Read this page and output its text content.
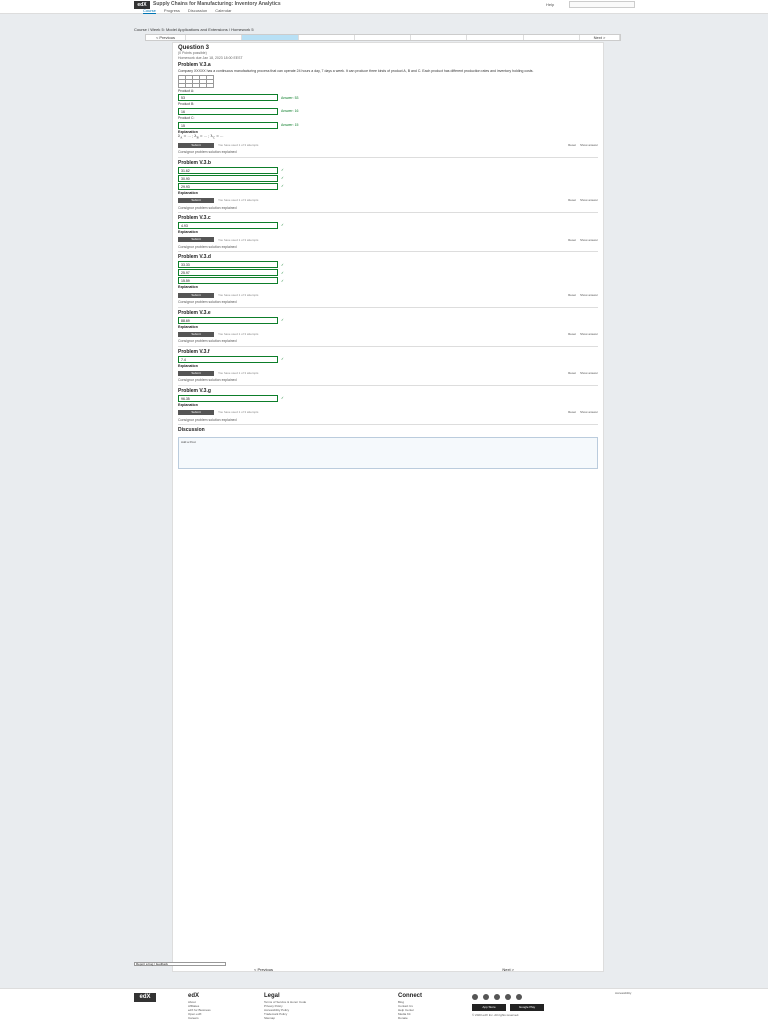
edX	Supply Chains for Manufacturing: Inventory Analytics
Course Progress Discussion Calendar
Help
Course / Week 5: Model Applications and Extensions / Homework 5
< Previous	Next >
Question 3
(0 Points possible)
Homework due Jan 18, 2023 18:00 EEST
Problem V.3.a
Company XXXXX has a continuous manufacturing process that can operate 24 hours a day, 7 days a week. It can produce three kinds of product A, B and C. Each product has different production rates and inventory holding costs.

Product A:
53	Answer: 53
Product B:
16	Answer: 16
Product C:
15	Answer: 15
Explanation
$\lambda_A$ = ... ; $\lambda_B$ = ... ; $\lambda_C$ = ...
Submit	You have used 1 of 3 attempts	Reset Show answer
Consignor problem solution explained
Problem V.3.b
31.62	✓
30.90	✓
29.93	✓
Explanation
Submit	You have used 1 of 3 attempts	Reset Show answer
Consignor problem solution explained
Problem V.3.c
4.93	✓
Explanation
Submit	You have used 1 of 3 attempts	Reset Show answer
Consignor problem solution explained
Problem V.3.d
33.33	✓
25.97	✓
15.59	✓
Explanation
Submit	You have used 1 of 3 attempts	Reset Show answer
Consignor problem solution explained
Problem V.3.e
88.69	✓
Explanation
Submit	You have used 1 of 3 attempts	Reset Show answer
Consignor problem solution explained
Problem V.3.f
7.4	✓
Explanation
Submit	You have used 1 of 3 attempts	Reset Show answer
Consignor problem solution explained
Problem V.3.g
96.35	✓
Explanation
Submit	You have used 1 of 3 attempts	Reset Show answer
Consignor problem solution explained
Discussion
Add a Post
Report a bug / feedback
< Previous	Next >
edX	edX
About
Affiliates
edX for Business
Open edX
Careers
Legal
Terms of Service & Honor Code
Privacy Policy
Accessibility Policy
Trademark Policy
Sitemap
Connect
Blog
Contact Us
Help Center
Media Kit
Donate
App Store	Google Play
© 2023 edX Inc. All rights reserved.
Accessibility
